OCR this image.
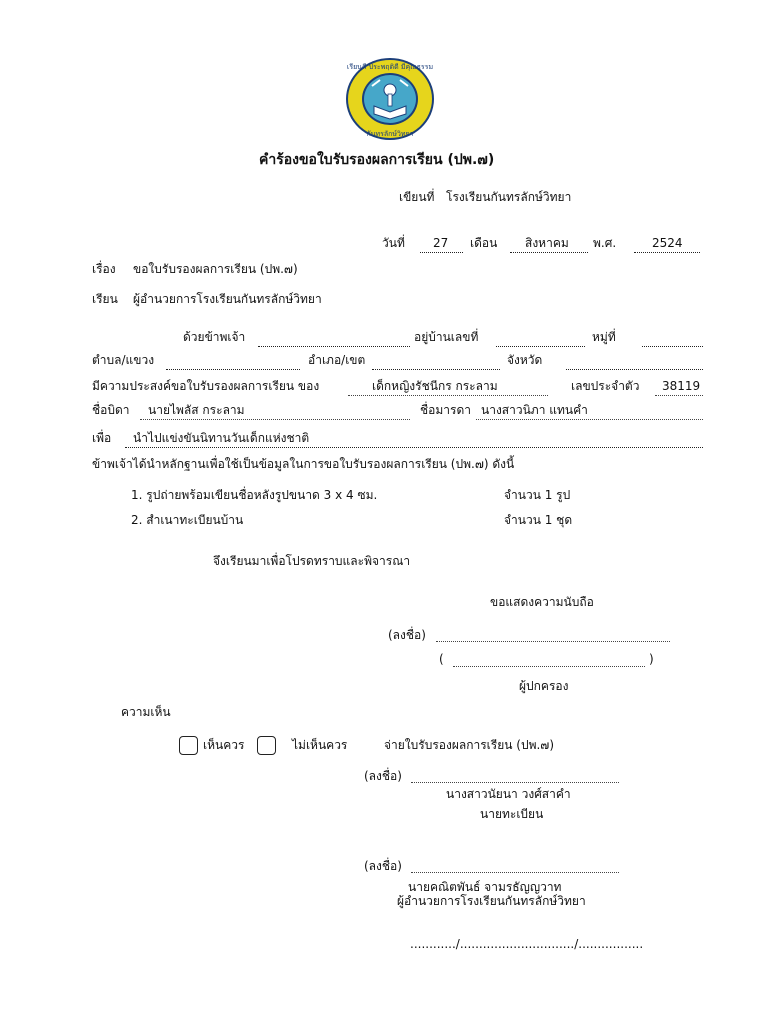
เรียนดี ประพฤติดี มีคุณธรรม
กันทรลักษ์วิทยา
คำร้องขอใบรับรองผลการเรียน (ปพ.๗)
เขียนที่ โรงเรียนกันทรลักษ์วิทยา
วันที่ 27 เดือน สิงหาคม พ.ศ.	2524
เรื่อง ขอใบรับรองผลการเรียน (ปพ.๗)
เรียน ผู้อำนวยการโรงเรียนกันทรลักษ์วิทยา
ด้วยข้าพเจ้า	อยู่บ้านเลขที่	หมู่ที่
ตำบล/แขวง	อำเภอ/เขต	จังหวัด
มีความประสงค์ขอใบรับรองผลการเรียน ของ	เด็กหญิงรัชนีกร กระลาม	เลขประจำตัว 38119
ชื่อบิดา นายไพลัส กระลาม	ชื่อมารดา นางสาวนิภา แทนคำ
เพื่อ นำไปแข่งขันนิทานวันเด็กแห่งชาติ
ข้าพเจ้าได้นำหลักฐานเพื่อใช้เป็นข้อมูลในการขอใบรับรองผลการเรียน (ปพ.๗) ดังนี้
1. รูปถ่ายพร้อมเขียนชื่อหลังรูปขนาด 3 x 4 ซม.	จำนวน 1 รูป
2. สำเนาทะเบียนบ้าน	จำนวน 1 ชุด
จึงเรียนมาเพื่อโปรดทราบและพิจารณา
ขอแสดงความนับถือ
(ลงชื่อ)
(	)
ผู้ปกครอง
ความเห็น
เห็นควร	ไม่เห็นควร	จ่ายใบรับรองผลการเรียน (ปพ.๗)
(ลงชื่อ)
นางสาวนัยนา วงศ์สาคำ
นายทะเบียน
(ลงชื่อ)
นายคณิตพันธ์ จามรธัญญวาท
ผู้อำนวยการโรงเรียนกันทรลักษ์วิทยา
............/............................../.................
